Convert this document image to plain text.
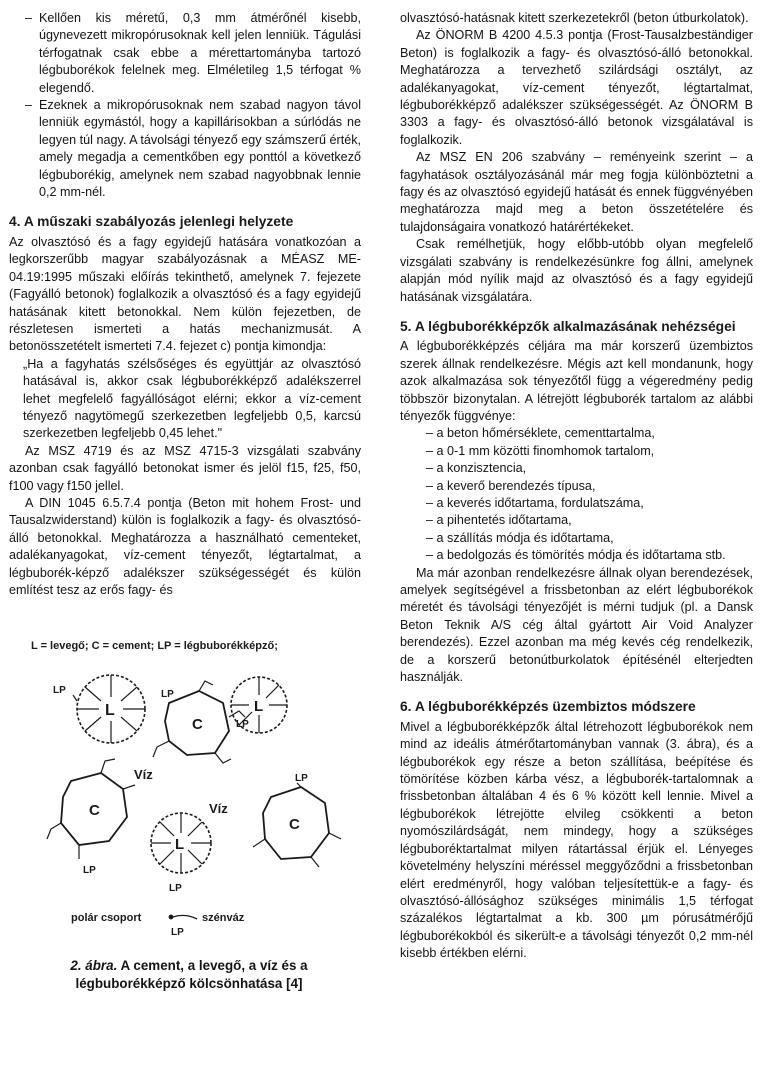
– Kellően kis méretű, 0,3 mm átmérőnél kisebb, úgynevezett mikropórusoknak kell jelen lenniük. Tágulási térfogatnak csak ebbe a mérettartományba tartozó légbuborékok felelnek meg. Elméletileg 1,5 térfogat % elegendő.

– Ezeknek a mikropórusoknak nem szabad nagyon távol lenniük egymástól, hogy a kapillárisokban a súrlódás ne legyen túl nagy. A távolsági tényező egy számszerű érték, amely megadja a cementkőben egy ponttól a következő légbuborékig, amelynek nem szabad nagyobbnak lennie 0,2 mm-nél.

4. A műszaki szabályozás jelenlegi helyzete

Az olvasztósó és a fagy egyidejű hatására vonatkozóan a legkorszerűbb magyar szabályozásnak a MÉASZ ME-04.19:1995 műszaki előírás tekinthető, amelynek 7. fejezete (Fagyálló betonok) foglalkozik a olvasztósó és a fagy egyidejű hatásának kitett betonokkal. Nem külön fejezetben, de részletesen ismerteti a hatás mechanizmusát. A betonösszetételt ismerteti 7.4. fejezet c) pontja kimondja:

„Ha a fagyhatás szélsőséges és együttjár az olvasztósó hatásával is, akkor csak légbuborékképző adalékszerrel lehet megfelelő fagyállóságot elérni; ekkor a víz-cement tényező nagytömegű szerkezetben legfeljebb 0,5, karcsú szerkezetben legfeljebb 0,45 lehet."

Az MSZ 4719 és az MSZ 4715-3 vizsgálati szabvány azonban csak fagyálló betonokat ismer és jelöl f15, f25, f50, f100 vagy f150 jellel.

A DIN 1045 6.5.7.4 pontja (Beton mit hohem Frost- und Tausalzwiderstand) külön is foglalkozik a fagy- és olvasztósó-álló betonokkal. Meghatározza a használható cementeket, adalékanyagokat, víz-cement tényezőt, légtartalmat, a légbuborék-képző adalékszer szükségességét és külön említést tesz az erős fagy- és

L = levegő; C = cement; LP = légbuborékképző;
L
LP
C
LP
LP
L
Víz
Víz
C
LP
C
LP
L
LP
polár csoport	szénváz
LP
2. ábra. A cement, a levegő, a víz és a légbuborékképző kölcsönhatása [4]

olvasztósó-hatásnak kitett szerkezetekről (beton útburkolatok).

Az ÖNORM B 4200 4.5.3 pontja (Frost-Tausalzbeständiger Beton) is foglalkozik a fagy- és olvasztósó-álló betonokkal. Meghatározza a tervezhető szilárdsági osztályt, az adalékanyagokat, víz-cement tényezőt, légtartalmat, légbuborékképző adalékszer szükségességét. Az ÖNORM B 3303 a fagy- és olvasztósó-álló betonok vizsgálatával is foglalkozik.

Az MSZ EN 206 szabvány – reményeink szerint – a fagyhatások osztályozásánál már meg fogja különböztetni a fagy és az olvasztósó egyidejű hatását és ennek függvényében meghatározza majd meg a beton összetételére és tulajdonságaira vonatkozó határértékeket.

Csak remélhetjük, hogy előbb-utóbb olyan megfelelő vizsgálati szabvány is rendelkezésünkre fog állni, amelynek alapján mód nyílik majd az olvasztósó és a fagy egyidejű hatásának vizsgálatára.

5. A légbuborékképzők alkalmazásának nehézségei

A légbuborékképzés céljára ma már korszerű üzembiztos szerek állnak rendelkezésre. Mégis azt kell mondanunk, hogy azok alkalmazása sok tényezőtől függ a végeredmény pedig többször bizonytalan. A létrejött légbuborék tartalom az alábbi tényezők függvénye:

– a beton hőmérséklete, cementtartalma,
– a 0-1 mm közötti finomhomok tartalom,
– a konzisztencia,
– a keverő berendezés típusa,
– a keverés időtartama, fordulatszáma,
– a pihentetés időtartama,
– a szállítás módja és időtartama,
– a bedolgozás és tömörítés módja és időtartama stb.

Ma már azonban rendelkezésre állnak olyan berendezések, amelyek segítségével a frissbetonban az elért légbuborékok méretét és távolsági tényezőjét is mérni tudjuk (pl. a Dansk Beton Teknik A/S cég által gyártott Air Void Analyzer berendezés). Ezzel azonban ma még kevés cég rendelkezik, de a korszerű betonútburkolatok építésénél elterjedten használják.

6. A légbuborékképzés üzembiztos módszere

Mivel a légbuborékképzők által létrehozott légbuborékok nem mind az ideális átmérőtartományban vannak (3. ábra), és a légbuborékok egy része a beton szállítása, beépítése és tömörítése közben kárba vész, a légbuborék-tartalomnak a frissbetonban általában 4 és 6 % között kell lennie. Mivel a légbuborékok létrejötte elvileg csökkenti a beton nyomószilárdságát, nem mindegy, hogy a szükséges légbuboréktartalmat milyen rátartással érjük el. Lényeges követelmény helyszíni méréssel meggyőződni a frissbetonban elért eredményről, hogy valóban teljesítettük-e a fagy- és olvasztósó-állósághoz szükséges minimális 1,5 térfogat százalékos légtartalmat a kb. 300 µm pórusátmérőjű légbuborékokból és sikerült-e a távolsági tényezőt 0,2 mm-nél kisebb értékben elérni.
